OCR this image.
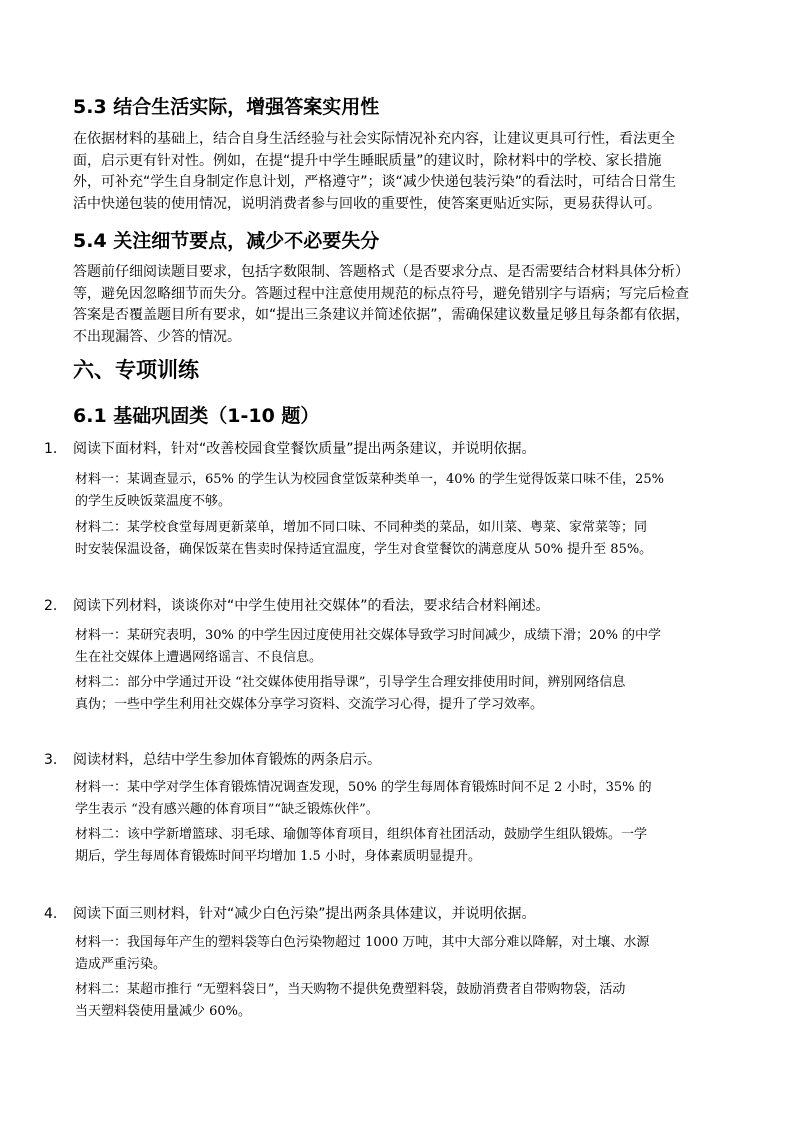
5.3 结合生活实际，增强答案实用性
在依据材料的基础上，结合自身生活经验与社会实际情况补充内容，让建议更具可行性，看法更全
面，启示更有针对性。例如，在提“提升中学生睡眠质量”的建议时，除材料中的学校、家长措施
外，可补充“学生自身制定作息计划，严格遵守”；谈“减少快递包装污染”的看法时，可结合日常生
活中快递包装的使用情况，说明消费者参与回收的重要性，使答案更贴近实际，更易获得认可。
5.4 关注细节要点，减少不必要失分
答题前仔细阅读题目要求，包括字数限制、答题格式（是否要求分点、是否需要结合材料具体分析）
等，避免因忽略细节而失分。答题过程中注意使用规范的标点符号，避免错别字与语病；写完后检查
答案是否覆盖题目所有要求，如“提出三条建议并简述依据”，需确保建议数量足够且每条都有依据，
不出现漏答、少答的情况。
六、专项训练
6.1 基础巩固类（1-10 题）
1. 阅读下面材料，针对“改善校园食堂餐饮质量”提出两条建议，并说明依据。
材料一：某调查显示，65% 的学生认为校园食堂饭菜种类单一，40% 的学生觉得饭菜口味不佳，25%
的学生反映饭菜温度不够。
材料二：某学校食堂每周更新菜单，增加不同口味、不同种类的菜品，如川菜、粤菜、家常菜等；同
时安装保温设备，确保饭菜在售卖时保持适宜温度，学生对食堂餐饮的满意度从 50% 提升至 85%。
2. 阅读下列材料，谈谈你对“中学生使用社交媒体”的看法，要求结合材料阐述。
材料一：某研究表明，30% 的中学生因过度使用社交媒体导致学习时间减少，成绩下滑；20% 的中学
生在社交媒体上遭遇网络谣言、不良信息。
材料二：部分中学通过开设 “社交媒体使用指导课”，引导学生合理安排使用时间，辨别网络信息
真伪；一些中学生利用社交媒体分享学习资料、交流学习心得，提升了学习效率。
3. 阅读材料，总结中学生参加体育锻炼的两条启示。
材料一：某中学对学生体育锻炼情况调查发现，50% 的学生每周体育锻炼时间不足 2 小时，35% 的
学生表示 “没有感兴趣的体育项目”“缺乏锻炼伙伴”。
材料二：该中学新增篮球、羽毛球、瑜伽等体育项目，组织体育社团活动，鼓励学生组队锻炼。一学
期后，学生每周体育锻炼时间平均增加 1.5 小时，身体素质明显提升。
4. 阅读下面三则材料，针对“减少白色污染”提出两条具体建议，并说明依据。
材料一：我国每年产生的塑料袋等白色污染物超过 1000 万吨，其中大部分难以降解，对土壤、水源
造成严重污染。
材料二：某超市推行 “无塑料袋日”，当天购物不提供免费塑料袋，鼓励消费者自带购物袋，活动
当天塑料袋使用量减少 60%。
